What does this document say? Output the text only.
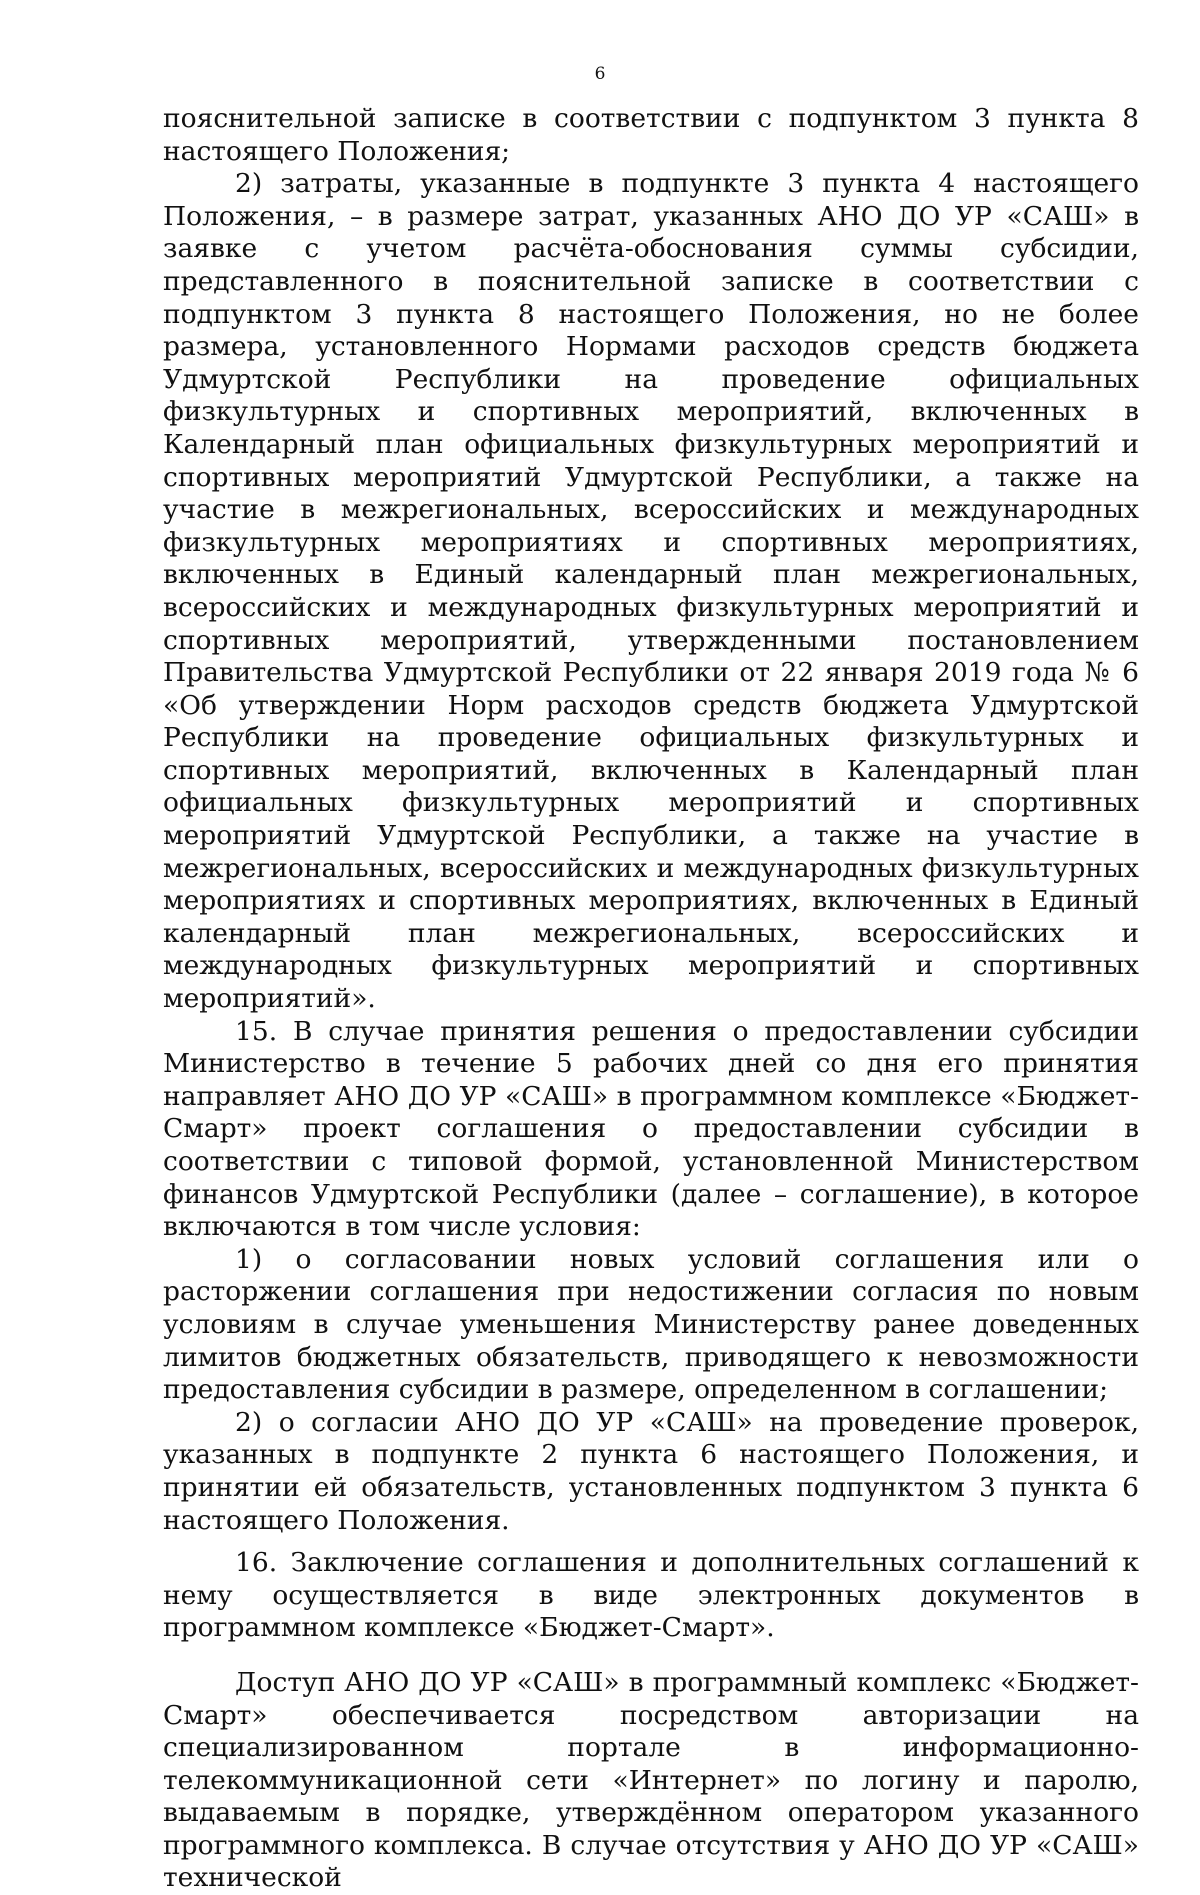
6

пояснительной записке в соответствии с подпунктом 3 пункта 8 настоящего Положения;

2) затраты, указанные в подпункте 3 пункта 4 настоящего Положения, – в размере затрат, указанных АНО ДО УР «САШ» в заявке с учетом расчёта-обоснования суммы субсидии, представленного в пояснительной записке в соответствии с подпунктом 3 пункта 8 настоящего Положения, но не более размера, установленного Нормами расходов средств бюджета Удмуртской Республики на проведение официальных физкультурных и спортивных мероприятий, включенных в Календарный план официальных физкультурных мероприятий и спортивных мероприятий Удмуртской Республики, а также на участие в межрегиональных, всероссийских и международных физкультурных мероприятиях и спортивных мероприятиях, включенных в Единый календарный план межрегиональных, всероссийских и международных физкультурных мероприятий и спортивных мероприятий, утвержденными постановлением Правительства Удмуртской Республики от 22 января 2019 года № 6 «Об утверждении Норм расходов средств бюджета Удмуртской Республики на проведение официальных физкультурных и спортивных мероприятий, включенных в Календарный план официальных физкультурных мероприятий и спортивных мероприятий Удмуртской Республики, а также на участие в межрегиональных, всероссийских и международных физкультурных мероприятиях и спортивных мероприятиях, включенных в Единый календарный план межрегиональных, всероссийских и международных физкультурных мероприятий и спортивных мероприятий».

15. В случае принятия решения о предоставлении субсидии Министерство в течение 5 рабочих дней со дня его принятия направляет АНО ДО УР «САШ» в программном комплексе «Бюджет-Смарт» проект соглашения о предоставлении субсидии в соответствии с типовой формой, установленной Министерством финансов Удмуртской Республики (далее – соглашение), в которое включаются в том числе условия:

1) о согласовании новых условий соглашения или о расторжении соглашения при недостижении согласия по новым условиям в случае уменьшения Министерству ранее доведенных лимитов бюджетных обязательств, приводящего к невозможности предоставления субсидии в размере, определенном в соглашении;

2) о согласии АНО ДО УР «САШ» на проведение проверок, указанных в подпункте 2 пункта 6 настоящего Положения, и принятии ей обязательств, установленных подпунктом 3 пункта 6 настоящего Положения.

16. Заключение соглашения и дополнительных соглашений к нему осуществляется в виде электронных документов в программном комплексе «Бюджет-Смарт».

Доступ АНО ДО УР «САШ» в программный комплекс «Бюджет-Смарт» обеспечивается посредством авторизации на специализированном портале в информационно-телекоммуникационной сети «Интернет» по логину и паролю, выдаваемым в порядке, утверждённом оператором указанного программного комплекса. В случае отсутствия у АНО ДО УР «САШ» технической
